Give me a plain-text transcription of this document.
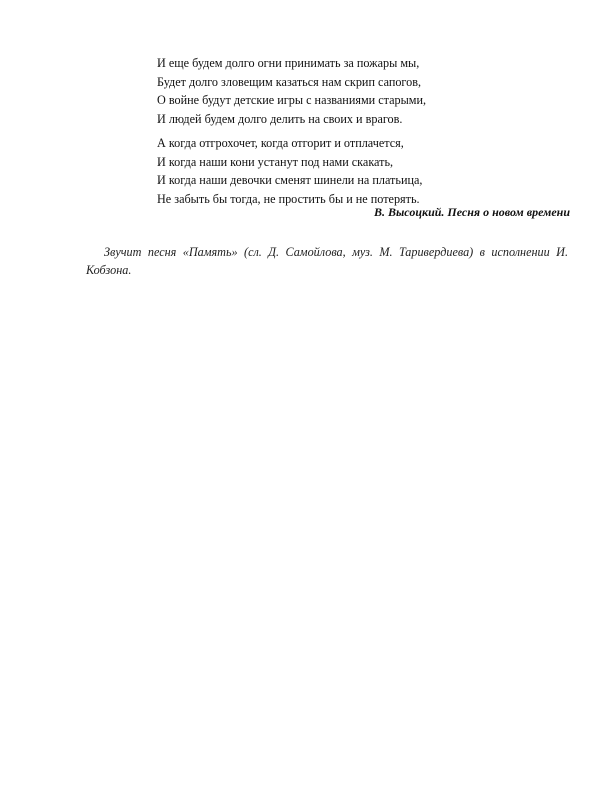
И еще будем долго огни принимать за пожары мы,
Будет долго зловещим казаться нам скрип сапогов,
О войне будут детские игры с названиями старыми,
И людей будем долго делить на своих и врагов.
А когда отгрохочет, когда отгорит и отплачется,
И когда наши кони устанут под нами скакать,
И когда наши девочки сменят шинели на платьица,
Не забыть бы тогда, не простить бы и не потерять.
В. Высоцкий. Песня о новом времени

Звучит песня «Память» (сл. Д. Самойлова, муз. М. Таривердиева) в исполнении И. Кобзона.
